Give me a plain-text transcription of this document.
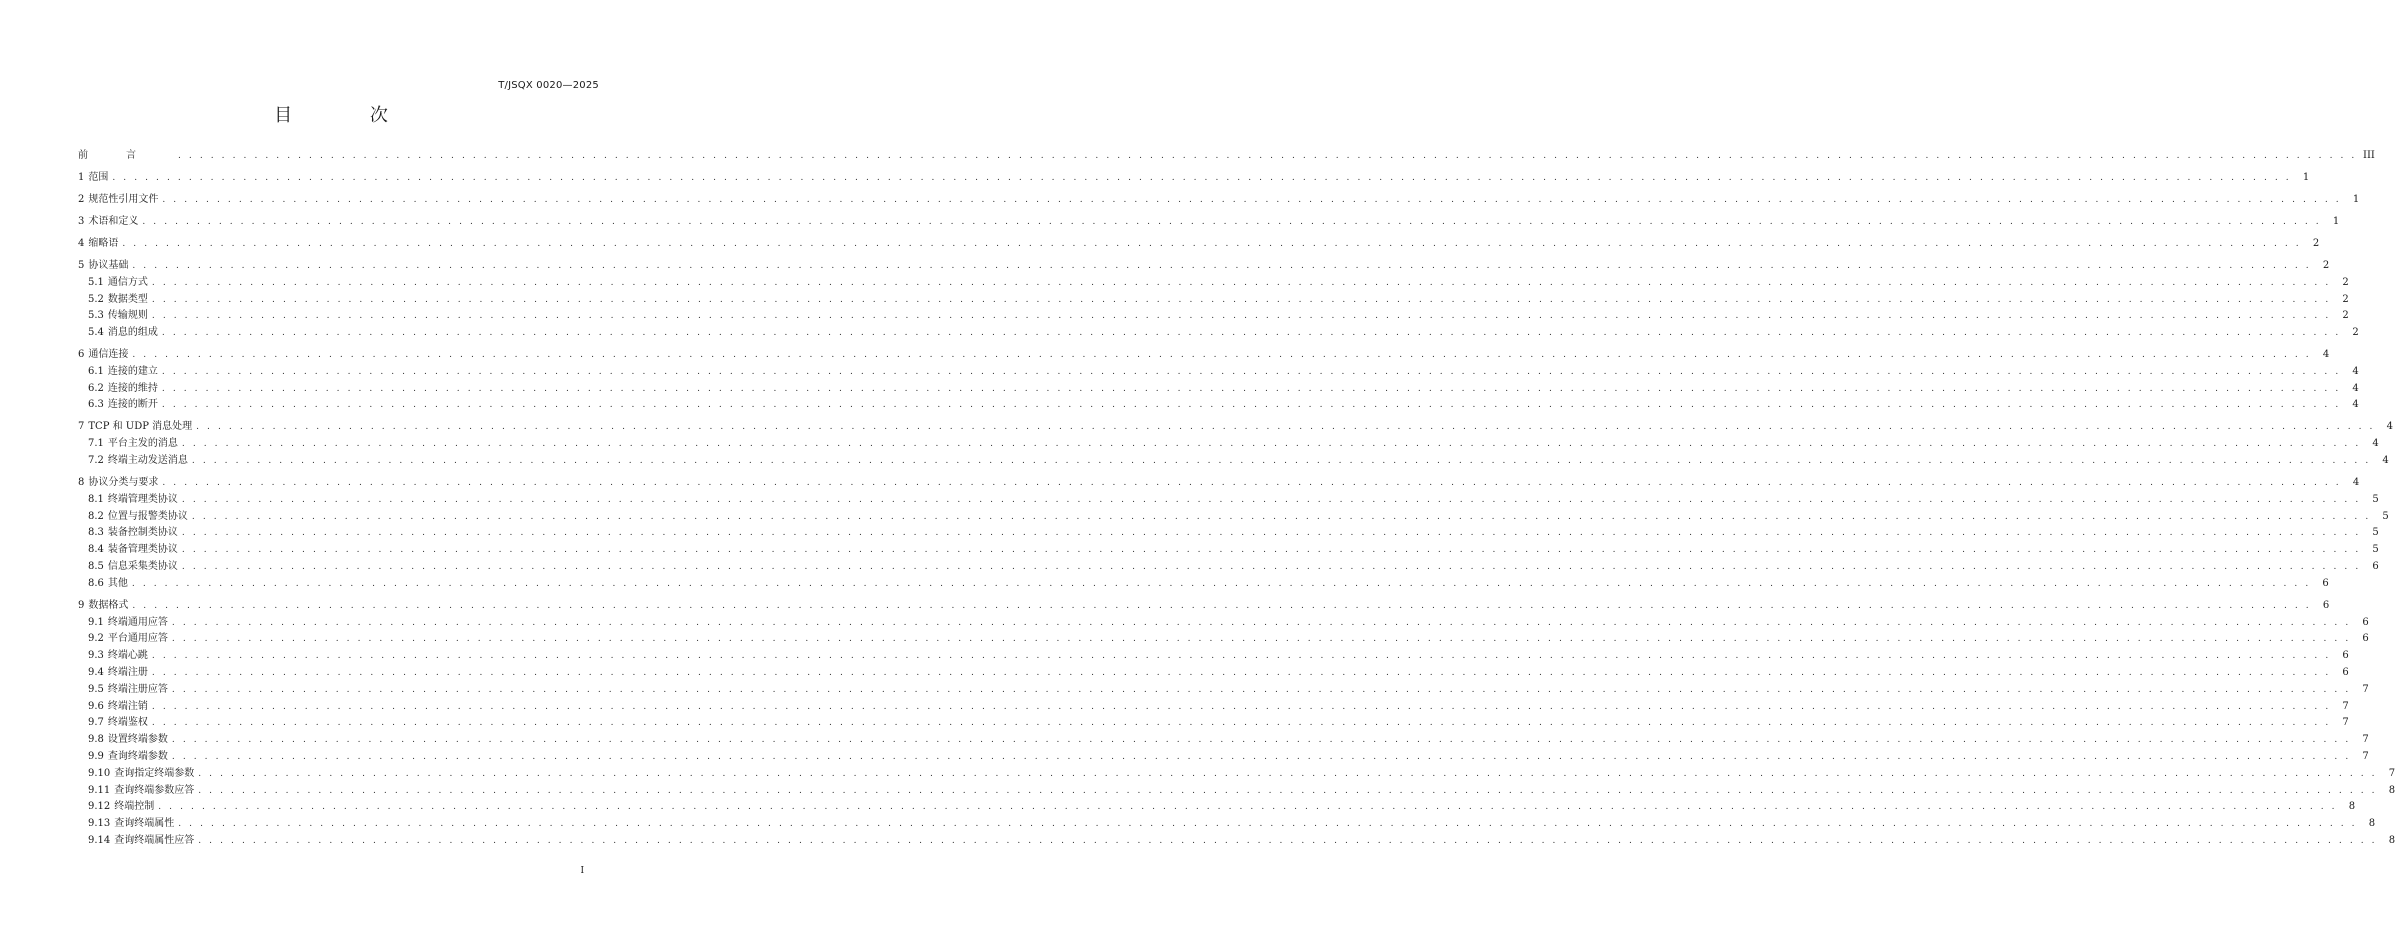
T/JSQX 0020—2025
目 次
前言 . . . . . . . . . . . . . . . . . . . . . . . . . . . . . . . . . . . . . . . . . . . . . . . . . . . . . . . . . . . . . . . . . . . . . . . . . . . . . . . . . . . . . . . . . . . . . . . . . . . . . . . . . . . . . . . . . . . . . . . . . . . . . . . . . . . . . . . . . . . . . . . . . . . . . . . . . . . . . . . . . . . . . . . . . . . . . . . . . . . . . . . . . . . . . . . . . . . . . . . . III
1 范围 . . . . . . . . . . . . . . . . . . . . . . . . . . . . . . . . . . . . . . . . . . . . . . . . . . . . . . . . . . . . . . . . . . . . . . . . . . . . . . . . . . . . . . . . . . . . . . . . . . . . . . . . . . . . . . . . . . . . . . . . . . . . . . . . . . . . . . . . . . . . . . . . . . . . . . . . . . . . . . . . . . . . . . . . . . . . . . . . . . . . . . . . . . . . . . . . . . . . . . . .	1
2 规范性引用文件 . . . . . . . . . . . . . . . . . . . . . . . . . . . . . . . . . . . . . . . . . . . . . . . . . . . . . . . . . . . . . . . . . . . . . . . . . . . . . . . . . . . . . . . . . . . . . . . . . . . . . . . . . . . . . . . . . . . . . . . . . . . . . . . . . . . . . . . . . . . . . . . . . . . . . . . . . . . . . . . . . . . . . . . . . . . . . . . . . . . . . . . . . . . . . . . . . . . . . . . .	1
3 术语和定义 . . . . . . . . . . . . . . . . . . . . . . . . . . . . . . . . . . . . . . . . . . . . . . . . . . . . . . . . . . . . . . . . . . . . . . . . . . . . . . . . . . . . . . . . . . . . . . . . . . . . . . . . . . . . . . . . . . . . . . . . . . . . . . . . . . . . . . . . . . . . . . . . . . . . . . . . . . . . . . . . . . . . . . . . . . . . . . . . . . . . . . . . . . . . . . . . . . . . . . . .	1
4 缩略语 . . . . . . . . . . . . . . . . . . . . . . . . . . . . . . . . . . . . . . . . . . . . . . . . . . . . . . . . . . . . . . . . . . . . . . . . . . . . . . . . . . . . . . . . . . . . . . . . . . . . . . . . . . . . . . . . . . . . . . . . . . . . . . . . . . . . . . . . . . . . . . . . . . . . . . . . . . . . . . . . . . . . . . . . . . . . . . . . . . . . . . . . . . . . . . . . . . . . . . . .	2
5 协议基础 . . . . . . . . . . . . . . . . . . . . . . . . . . . . . . . . . . . . . . . . . . . . . . . . . . . . . . . . . . . . . . . . . . . . . . . . . . . . . . . . . . . . . . . . . . . . . . . . . . . . . . . . . . . . . . . . . . . . . . . . . . . . . . . . . . . . . . . . . . . . . . . . . . . . . . . . . . . . . . . . . . . . . . . . . . . . . . . . . . . . . . . . . . . . . . . . . . . . . . . .	2
5.1 通信方式 . . . . . . . . . . . . . . . . . . . . . . . . . . . . . . . . . . . . . . . . . . . . . . . . . . . . . . . . . . . . . . . . . . . . . . . . . . . . . . . . . . . . . . . . . . . . . . . . . . . . . . . . . . . . . . . . . . . . . . . . . . . . . . . . . . . . . . . . . . . . . . . . . . . . . . . . . . . . . . . . . . . . . . . . . . . . . . . . . . . . . . . . . . . . . . . . . . . . . . . .	2
5.2 数据类型 . . . . . . . . . . . . . . . . . . . . . . . . . . . . . . . . . . . . . . . . . . . . . . . . . . . . . . . . . . . . . . . . . . . . . . . . . . . . . . . . . . . . . . . . . . . . . . . . . . . . . . . . . . . . . . . . . . . . . . . . . . . . . . . . . . . . . . . . . . . . . . . . . . . . . . . . . . . . . . . . . . . . . . . . . . . . . . . . . . . . . . . . . . . . . . . . . . . . . . . .	2
5.3 传输规则 . . . . . . . . . . . . . . . . . . . . . . . . . . . . . . . . . . . . . . . . . . . . . . . . . . . . . . . . . . . . . . . . . . . . . . . . . . . . . . . . . . . . . . . . . . . . . . . . . . . . . . . . . . . . . . . . . . . . . . . . . . . . . . . . . . . . . . . . . . . . . . . . . . . . . . . . . . . . . . . . . . . . . . . . . . . . . . . . . . . . . . . . . . . . . . . . . . . . . . . .	2
5.4 消息的组成 . . . . . . . . . . . . . . . . . . . . . . . . . . . . . . . . . . . . . . . . . . . . . . . . . . . . . . . . . . . . . . . . . . . . . . . . . . . . . . . . . . . . . . . . . . . . . . . . . . . . . . . . . . . . . . . . . . . . . . . . . . . . . . . . . . . . . . . . . . . . . . . . . . . . . . . . . . . . . . . . . . . . . . . . . . . . . . . . . . . . . . . . . . . . . . . . . . . . . . . .	2
6 通信连接 . . . . . . . . . . . . . . . . . . . . . . . . . . . . . . . . . . . . . . . . . . . . . . . . . . . . . . . . . . . . . . . . . . . . . . . . . . . . . . . . . . . . . . . . . . . . . . . . . . . . . . . . . . . . . . . . . . . . . . . . . . . . . . . . . . . . . . . . . . . . . . . . . . . . . . . . . . . . . . . . . . . . . . . . . . . . . . . . . . . . . . . . . . . . . . . . . . . . . . . .	4
6.1 连接的建立 . . . . . . . . . . . . . . . . . . . . . . . . . . . . . . . . . . . . . . . . . . . . . . . . . . . . . . . . . . . . . . . . . . . . . . . . . . . . . . . . . . . . . . . . . . . . . . . . . . . . . . . . . . . . . . . . . . . . . . . . . . . . . . . . . . . . . . . . . . . . . . . . . . . . . . . . . . . . . . . . . . . . . . . . . . . . . . . . . . . . . . . . . . . . . . . . . . . . . . . .	4
6.2 连接的维持 . . . . . . . . . . . . . . . . . . . . . . . . . . . . . . . . . . . . . . . . . . . . . . . . . . . . . . . . . . . . . . . . . . . . . . . . . . . . . . . . . . . . . . . . . . . . . . . . . . . . . . . . . . . . . . . . . . . . . . . . . . . . . . . . . . . . . . . . . . . . . . . . . . . . . . . . . . . . . . . . . . . . . . . . . . . . . . . . . . . . . . . . . . . . . . . . . . . . . . . .	4
6.3 连接的断开 . . . . . . . . . . . . . . . . . . . . . . . . . . . . . . . . . . . . . . . . . . . . . . . . . . . . . . . . . . . . . . . . . . . . . . . . . . . . . . . . . . . . . . . . . . . . . . . . . . . . . . . . . . . . . . . . . . . . . . . . . . . . . . . . . . . . . . . . . . . . . . . . . . . . . . . . . . . . . . . . . . . . . . . . . . . . . . . . . . . . . . . . . . . . . . . . . . . . . . . .	4
7 TCP 和 UDP 消息处理 . . . . . . . . . . . . . . . . . . . . . . . . . . . . . . . . . . . . . . . . . . . . . . . . . . . . . . . . . . . . . . . . . . . . . . . . . . . . . . . . . . . . . . . . . . . . . . . . . . . . . . . . . . . . . . . . . . . . . . . . . . . . . . . . . . . . . . . . . . . . . . . . . . . . . . . . . . . . . . . . . . . . . . . . . . . . . . . . . . . . . . . . . . . . . . . . . . . . . . . .	4
7.1 平台主发的消息 . . . . . . . . . . . . . . . . . . . . . . . . . . . . . . . . . . . . . . . . . . . . . . . . . . . . . . . . . . . . . . . . . . . . . . . . . . . . . . . . . . . . . . . . . . . . . . . . . . . . . . . . . . . . . . . . . . . . . . . . . . . . . . . . . . . . . . . . . . . . . . . . . . . . . . . . . . . . . . . . . . . . . . . . . . . . . . . . . . . . . . . . . . . . . . . . . . . . . . . .	4
7.2 终端主动发送消息 . . . . . . . . . . . . . . . . . . . . . . . . . . . . . . . . . . . . . . . . . . . . . . . . . . . . . . . . . . . . . . . . . . . . . . . . . . . . . . . . . . . . . . . . . . . . . . . . . . . . . . . . . . . . . . . . . . . . . . . . . . . . . . . . . . . . . . . . . . . . . . . . . . . . . . . . . . . . . . . . . . . . . . . . . . . . . . . . . . . . . . . . . . . . . . . . . . . . . . . .	4
8 协议分类与要求 . . . . . . . . . . . . . . . . . . . . . . . . . . . . . . . . . . . . . . . . . . . . . . . . . . . . . . . . . . . . . . . . . . . . . . . . . . . . . . . . . . . . . . . . . . . . . . . . . . . . . . . . . . . . . . . . . . . . . . . . . . . . . . . . . . . . . . . . . . . . . . . . . . . . . . . . . . . . . . . . . . . . . . . . . . . . . . . . . . . . . . . . . . . . . . . . . . . . . . . .	4
8.1 终端管理类协议 . . . . . . . . . . . . . . . . . . . . . . . . . . . . . . . . . . . . . . . . . . . . . . . . . . . . . . . . . . . . . . . . . . . . . . . . . . . . . . . . . . . . . . . . . . . . . . . . . . . . . . . . . . . . . . . . . . . . . . . . . . . . . . . . . . . . . . . . . . . . . . . . . . . . . . . . . . . . . . . . . . . . . . . . . . . . . . . . . . . . . . . . . . . . . . . . . . . . . . . .	5
8.2 位置与报警类协议 . . . . . . . . . . . . . . . . . . . . . . . . . . . . . . . . . . . . . . . . . . . . . . . . . . . . . . . . . . . . . . . . . . . . . . . . . . . . . . . . . . . . . . . . . . . . . . . . . . . . . . . . . . . . . . . . . . . . . . . . . . . . . . . . . . . . . . . . . . . . . . . . . . . . . . . . . . . . . . . . . . . . . . . . . . . . . . . . . . . . . . . . . . . . . . . . . . . . . . . .	5
8.3 装备控制类协议 . . . . . . . . . . . . . . . . . . . . . . . . . . . . . . . . . . . . . . . . . . . . . . . . . . . . . . . . . . . . . . . . . . . . . . . . . . . . . . . . . . . . . . . . . . . . . . . . . . . . . . . . . . . . . . . . . . . . . . . . . . . . . . . . . . . . . . . . . . . . . . . . . . . . . . . . . . . . . . . . . . . . . . . . . . . . . . . . . . . . . . . . . . . . . . . . . . . . . . . .	5
8.4 装备管理类协议 . . . . . . . . . . . . . . . . . . . . . . . . . . . . . . . . . . . . . . . . . . . . . . . . . . . . . . . . . . . . . . . . . . . . . . . . . . . . . . . . . . . . . . . . . . . . . . . . . . . . . . . . . . . . . . . . . . . . . . . . . . . . . . . . . . . . . . . . . . . . . . . . . . . . . . . . . . . . . . . . . . . . . . . . . . . . . . . . . . . . . . . . . . . . . . . . . . . . . . . .	5
8.5 信息采集类协议 . . . . . . . . . . . . . . . . . . . . . . . . . . . . . . . . . . . . . . . . . . . . . . . . . . . . . . . . . . . . . . . . . . . . . . . . . . . . . . . . . . . . . . . . . . . . . . . . . . . . . . . . . . . . . . . . . . . . . . . . . . . . . . . . . . . . . . . . . . . . . . . . . . . . . . . . . . . . . . . . . . . . . . . . . . . . . . . . . . . . . . . . . . . . . . . . . . . . . . . .	6
8.6 其他 . . . . . . . . . . . . . . . . . . . . . . . . . . . . . . . . . . . . . . . . . . . . . . . . . . . . . . . . . . . . . . . . . . . . . . . . . . . . . . . . . . . . . . . . . . . . . . . . . . . . . . . . . . . . . . . . . . . . . . . . . . . . . . . . . . . . . . . . . . . . . . . . . . . . . . . . . . . . . . . . . . . . . . . . . . . . . . . . . . . . . . . . . . . . . . . . . . . . . . . .	6
9 数据格式 . . . . . . . . . . . . . . . . . . . . . . . . . . . . . . . . . . . . . . . . . . . . . . . . . . . . . . . . . . . . . . . . . . . . . . . . . . . . . . . . . . . . . . . . . . . . . . . . . . . . . . . . . . . . . . . . . . . . . . . . . . . . . . . . . . . . . . . . . . . . . . . . . . . . . . . . . . . . . . . . . . . . . . . . . . . . . . . . . . . . . . . . . . . . . . . . . . . . . . . .	6
9.1 终端通用应答 . . . . . . . . . . . . . . . . . . . . . . . . . . . . . . . . . . . . . . . . . . . . . . . . . . . . . . . . . . . . . . . . . . . . . . . . . . . . . . . . . . . . . . . . . . . . . . . . . . . . . . . . . . . . . . . . . . . . . . . . . . . . . . . . . . . . . . . . . . . . . . . . . . . . . . . . . . . . . . . . . . . . . . . . . . . . . . . . . . . . . . . . . . . . . . . . . . . . . . . .	6
9.2 平台通用应答 . . . . . . . . . . . . . . . . . . . . . . . . . . . . . . . . . . . . . . . . . . . . . . . . . . . . . . . . . . . . . . . . . . . . . . . . . . . . . . . . . . . . . . . . . . . . . . . . . . . . . . . . . . . . . . . . . . . . . . . . . . . . . . . . . . . . . . . . . . . . . . . . . . . . . . . . . . . . . . . . . . . . . . . . . . . . . . . . . . . . . . . . . . . . . . . . . . . . . . . .	6
9.3 终端心跳 . . . . . . . . . . . . . . . . . . . . . . . . . . . . . . . . . . . . . . . . . . . . . . . . . . . . . . . . . . . . . . . . . . . . . . . . . . . . . . . . . . . . . . . . . . . . . . . . . . . . . . . . . . . . . . . . . . . . . . . . . . . . . . . . . . . . . . . . . . . . . . . . . . . . . . . . . . . . . . . . . . . . . . . . . . . . . . . . . . . . . . . . . . . . . . . . . . . . . . . .	6
9.4 终端注册 . . . . . . . . . . . . . . . . . . . . . . . . . . . . . . . . . . . . . . . . . . . . . . . . . . . . . . . . . . . . . . . . . . . . . . . . . . . . . . . . . . . . . . . . . . . . . . . . . . . . . . . . . . . . . . . . . . . . . . . . . . . . . . . . . . . . . . . . . . . . . . . . . . . . . . . . . . . . . . . . . . . . . . . . . . . . . . . . . . . . . . . . . . . . . . . . . . . . . . . .	6
9.5 终端注册应答 . . . . . . . . . . . . . . . . . . . . . . . . . . . . . . . . . . . . . . . . . . . . . . . . . . . . . . . . . . . . . . . . . . . . . . . . . . . . . . . . . . . . . . . . . . . . . . . . . . . . . . . . . . . . . . . . . . . . . . . . . . . . . . . . . . . . . . . . . . . . . . . . . . . . . . . . . . . . . . . . . . . . . . . . . . . . . . . . . . . . . . . . . . . . . . . . . . . . . . . .	7
9.6 终端注销 . . . . . . . . . . . . . . . . . . . . . . . . . . . . . . . . . . . . . . . . . . . . . . . . . . . . . . . . . . . . . . . . . . . . . . . . . . . . . . . . . . . . . . . . . . . . . . . . . . . . . . . . . . . . . . . . . . . . . . . . . . . . . . . . . . . . . . . . . . . . . . . . . . . . . . . . . . . . . . . . . . . . . . . . . . . . . . . . . . . . . . . . . . . . . . . . . . . . . . . .	7
9.7 终端鉴权 . . . . . . . . . . . . . . . . . . . . . . . . . . . . . . . . . . . . . . . . . . . . . . . . . . . . . . . . . . . . . . . . . . . . . . . . . . . . . . . . . . . . . . . . . . . . . . . . . . . . . . . . . . . . . . . . . . . . . . . . . . . . . . . . . . . . . . . . . . . . . . . . . . . . . . . . . . . . . . . . . . . . . . . . . . . . . . . . . . . . . . . . . . . . . . . . . . . . . . . .	7
9.8 设置终端参数 . . . . . . . . . . . . . . . . . . . . . . . . . . . . . . . . . . . . . . . . . . . . . . . . . . . . . . . . . . . . . . . . . . . . . . . . . . . . . . . . . . . . . . . . . . . . . . . . . . . . . . . . . . . . . . . . . . . . . . . . . . . . . . . . . . . . . . . . . . . . . . . . . . . . . . . . . . . . . . . . . . . . . . . . . . . . . . . . . . . . . . . . . . . . . . . . . . . . . . . .	7
9.9 查询终端参数 . . . . . . . . . . . . . . . . . . . . . . . . . . . . . . . . . . . . . . . . . . . . . . . . . . . . . . . . . . . . . . . . . . . . . . . . . . . . . . . . . . . . . . . . . . . . . . . . . . . . . . . . . . . . . . . . . . . . . . . . . . . . . . . . . . . . . . . . . . . . . . . . . . . . . . . . . . . . . . . . . . . . . . . . . . . . . . . . . . . . . . . . . . . . . . . . . . . . . . . .	7
9.10 查询指定终端参数 . . . . . . . . . . . . . . . . . . . . . . . . . . . . . . . . . . . . . . . . . . . . . . . . . . . . . . . . . . . . . . . . . . . . . . . . . . . . . . . . . . . . . . . . . . . . . . . . . . . . . . . . . . . . . . . . . . . . . . . . . . . . . . . . . . . . . . . . . . . . . . . . . . . . . . . . . . . . . . . . . . . . . . . . . . . . . . . . . . . . . . . . . . . . . . . . . . . . . . . .	7
9.11 查询终端参数应答 . . . . . . . . . . . . . . . . . . . . . . . . . . . . . . . . . . . . . . . . . . . . . . . . . . . . . . . . . . . . . . . . . . . . . . . . . . . . . . . . . . . . . . . . . . . . . . . . . . . . . . . . . . . . . . . . . . . . . . . . . . . . . . . . . . . . . . . . . . . . . . . . . . . . . . . . . . . . . . . . . . . . . . . . . . . . . . . . . . . . . . . . . . . . . . . . . . . . . . . .	8
9.12 终端控制 . . . . . . . . . . . . . . . . . . . . . . . . . . . . . . . . . . . . . . . . . . . . . . . . . . . . . . . . . . . . . . . . . . . . . . . . . . . . . . . . . . . . . . . . . . . . . . . . . . . . . . . . . . . . . . . . . . . . . . . . . . . . . . . . . . . . . . . . . . . . . . . . . . . . . . . . . . . . . . . . . . . . . . . . . . . . . . . . . . . . . . . . . . . . . . . . . . . . . . . .	8
9.13 查询终端属性 . . . . . . . . . . . . . . . . . . . . . . . . . . . . . . . . . . . . . . . . . . . . . . . . . . . . . . . . . . . . . . . . . . . . . . . . . . . . . . . . . . . . . . . . . . . . . . . . . . . . . . . . . . . . . . . . . . . . . . . . . . . . . . . . . . . . . . . . . . . . . . . . . . . . . . . . . . . . . . . . . . . . . . . . . . . . . . . . . . . . . . . . . . . . . . . . . . . . . . . .	8
9.14 查询终端属性应答 . . . . . . . . . . . . . . . . . . . . . . . . . . . . . . . . . . . . . . . . . . . . . . . . . . . . . . . . . . . . . . . . . . . . . . . . . . . . . . . . . . . . . . . . . . . . . . . . . . . . . . . . . . . . . . . . . . . . . . . . . . . . . . . . . . . . . . . . . . . . . . . . . . . . . . . . . . . . . . . . . . . . . . . . . . . . . . . . . . . . . . . . . . . . . . . . . . . . . . . .	8
I
